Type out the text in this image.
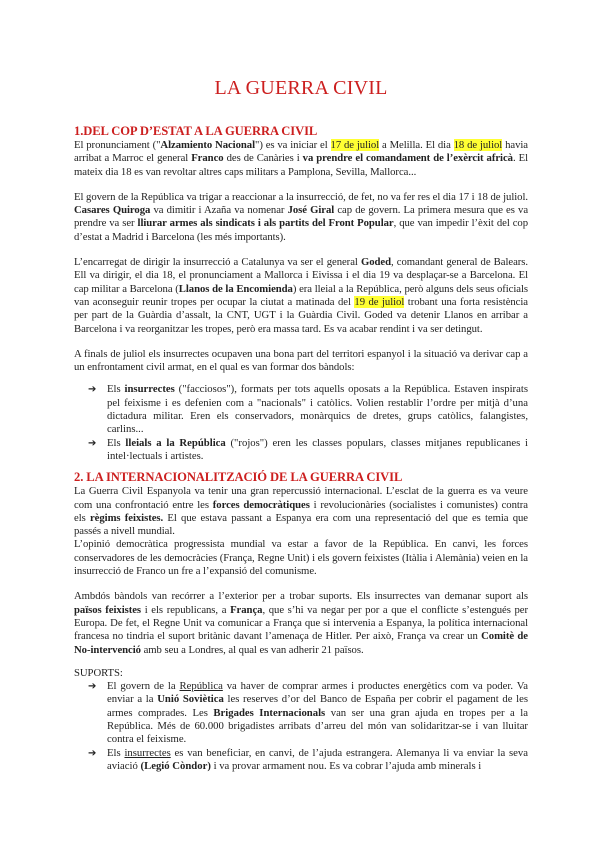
LA GUERRA CIVIL
1.DEL COP D’ESTAT A LA GUERRA CIVIL

El pronunciament ("Alzamiento Nacional") es va iniciar el 17 de juliol a Melilla. El dia 18 de juliol havia arribat a Marroc el general Franco des de Canàries i va prendre el comandament de l’exèrcit africà. El mateix dia 18 es van revoltar altres caps militars a Pamplona, Sevilla, Mallorca...

El govern de la República va trigar a reaccionar a la insurrecció, de fet, no va fer res el dia 17 i 18 de juliol. Casares Quiroga va dimitir i Azaña va nomenar José Giral cap de govern. La primera mesura que es va prendre va ser lliurar armes als sindicats i als partits del Front Popular, que van impedir l’èxit del cop d’estat a Madrid i Barcelona (les més importants).

L’encarregat de dirigir la insurrecció a Catalunya va ser el general Goded, comandant general de Balears. Ell va dirigir, el dia 18, el pronunciament a Mallorca i Eivissa i el dia 19 va desplaçar-se a Barcelona. El cap militar a Barcelona (Llanos de la Encomienda) era lleial a la República, però alguns dels seus oficials van aconseguir reunir tropes per ocupar la ciutat a matinada del 19 de juliol trobant una forta resistència per part de la Guàrdia d’assalt, la CNT, UGT i la Guàrdia Civil. Goded va detenir Llanos en arribar a Barcelona i va reorganitzar les tropes, però era massa tard. Es va acabar rendint i va ser detingut.

A finals de juliol els insurrectes ocupaven una bona part del territori espanyol i la situació va derivar cap a un enfrontament civil armat, en el qual es van formar dos bàndols:

➔ Els insurrectes ("facciosos"), formats per tots aquells oposats a la República. Estaven inspirats pel feixisme i es defenien com a "nacionals" i catòlics. Volien restablir l’ordre per mitjà d’una dictadura militar. Eren els conservadors, monàrquics de dretes, grups catòlics, falangistes, carlins...
➔ Els lleials a la República ("rojos") eren les classes populars, classes mitjanes republicanes i intel·lectuals i artistes.
2. LA INTERNACIONALITZACIÓ DE LA GUERRA CIVIL

La Guerra Civil Espanyola va tenir una gran repercussió internacional. L’esclat de la guerra es va veure com una confrontació entre les forces democràtiques i revolucionàries (socialistes i comunistes) contra els règims feixistes. El que estava passant a Espanya era com una representació del que es temia que passés a nivell mundial.

L’opinió democràtica progressista mundial va estar a favor de la República. En canvi, les forces conservadores de les democràcies (França, Regne Unit) i els govern feixistes (Itàlia i Alemània) veien en la insurrecció de Franco un fre a l’expansió del comunisme.

Ambdós bàndols van recórrer a l’exterior per a trobar suports. Els insurrectes van demanar suport als països feixistes i els republicans, a França, que s’hi va negar per por a que el conflicte s’estengués per Europa. De fet, el Regne Unit va comunicar a França que si intervenia a Espanya, la política internacional francesa no tindria el suport britànic davant l’amenaça de Hitler. Per això, França va crear un Comitè de No-intervenció amb seu a Londres, al qual es van adherir 21 països.

SUPORTS:

➔ El govern de la República va haver de comprar armes i productes energètics com va poder. Va enviar a la Unió Soviètica les reserves d’or del Banco de España per cobrir el pagament de les armes comprades. Les Brigades Internacionals van ser una gran ajuda en tropes per a la República. Més de 60.000 brigadistes arribats d’arreu del món van solidaritzar-se i van lluitar contra el feixisme.
➔ Els insurrectes es van beneficiar, en canvi, de l’ajuda estrangera. Alemanya li va enviar la seva aviació (Legió Còndor) i va provar armament nou. Es va cobrar l’ajuda amb minerals i
